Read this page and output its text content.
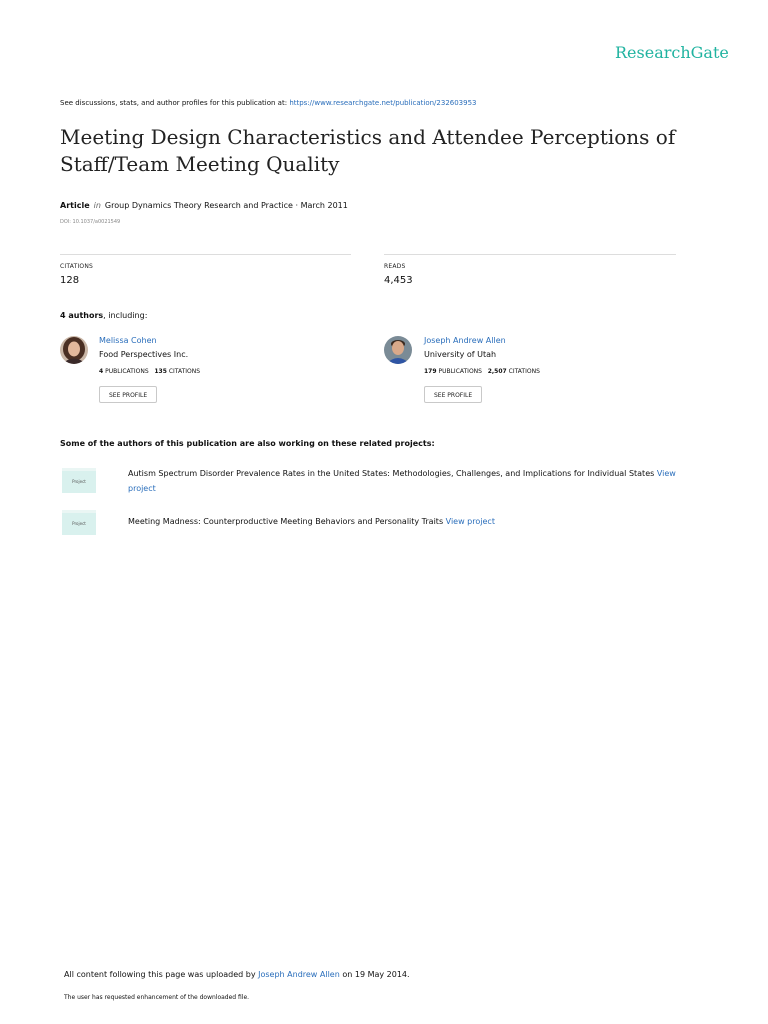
ResearchGate
See discussions, stats, and author profiles for this publication at: https://www.researchgate.net/publication/232603953
Meeting Design Characteristics and Attendee Perceptions of Staff/Team Meeting Quality
Article in Group Dynamics Theory Research and Practice · March 2011
DOI: 10.1037/a0021549
CITATIONS
128
READS
4,453
4 authors, including:
Melissa Cohen
Food Perspectives Inc.
4 PUBLICATIONS 135 CITATIONS
SEE PROFILE
Joseph Andrew Allen
University of Utah
179 PUBLICATIONS 2,507 CITATIONS
SEE PROFILE
Some of the authors of this publication are also working on these related projects:
Project
Autism Spectrum Disorder Prevalence Rates in the United States: Methodologies, Challenges, and Implications for Individual States View project
Project	Meeting Madness: Counterproductive Meeting Behaviors and Personality Traits View project
All content following this page was uploaded by Joseph Andrew Allen on 19 May 2014.
The user has requested enhancement of the downloaded file.
